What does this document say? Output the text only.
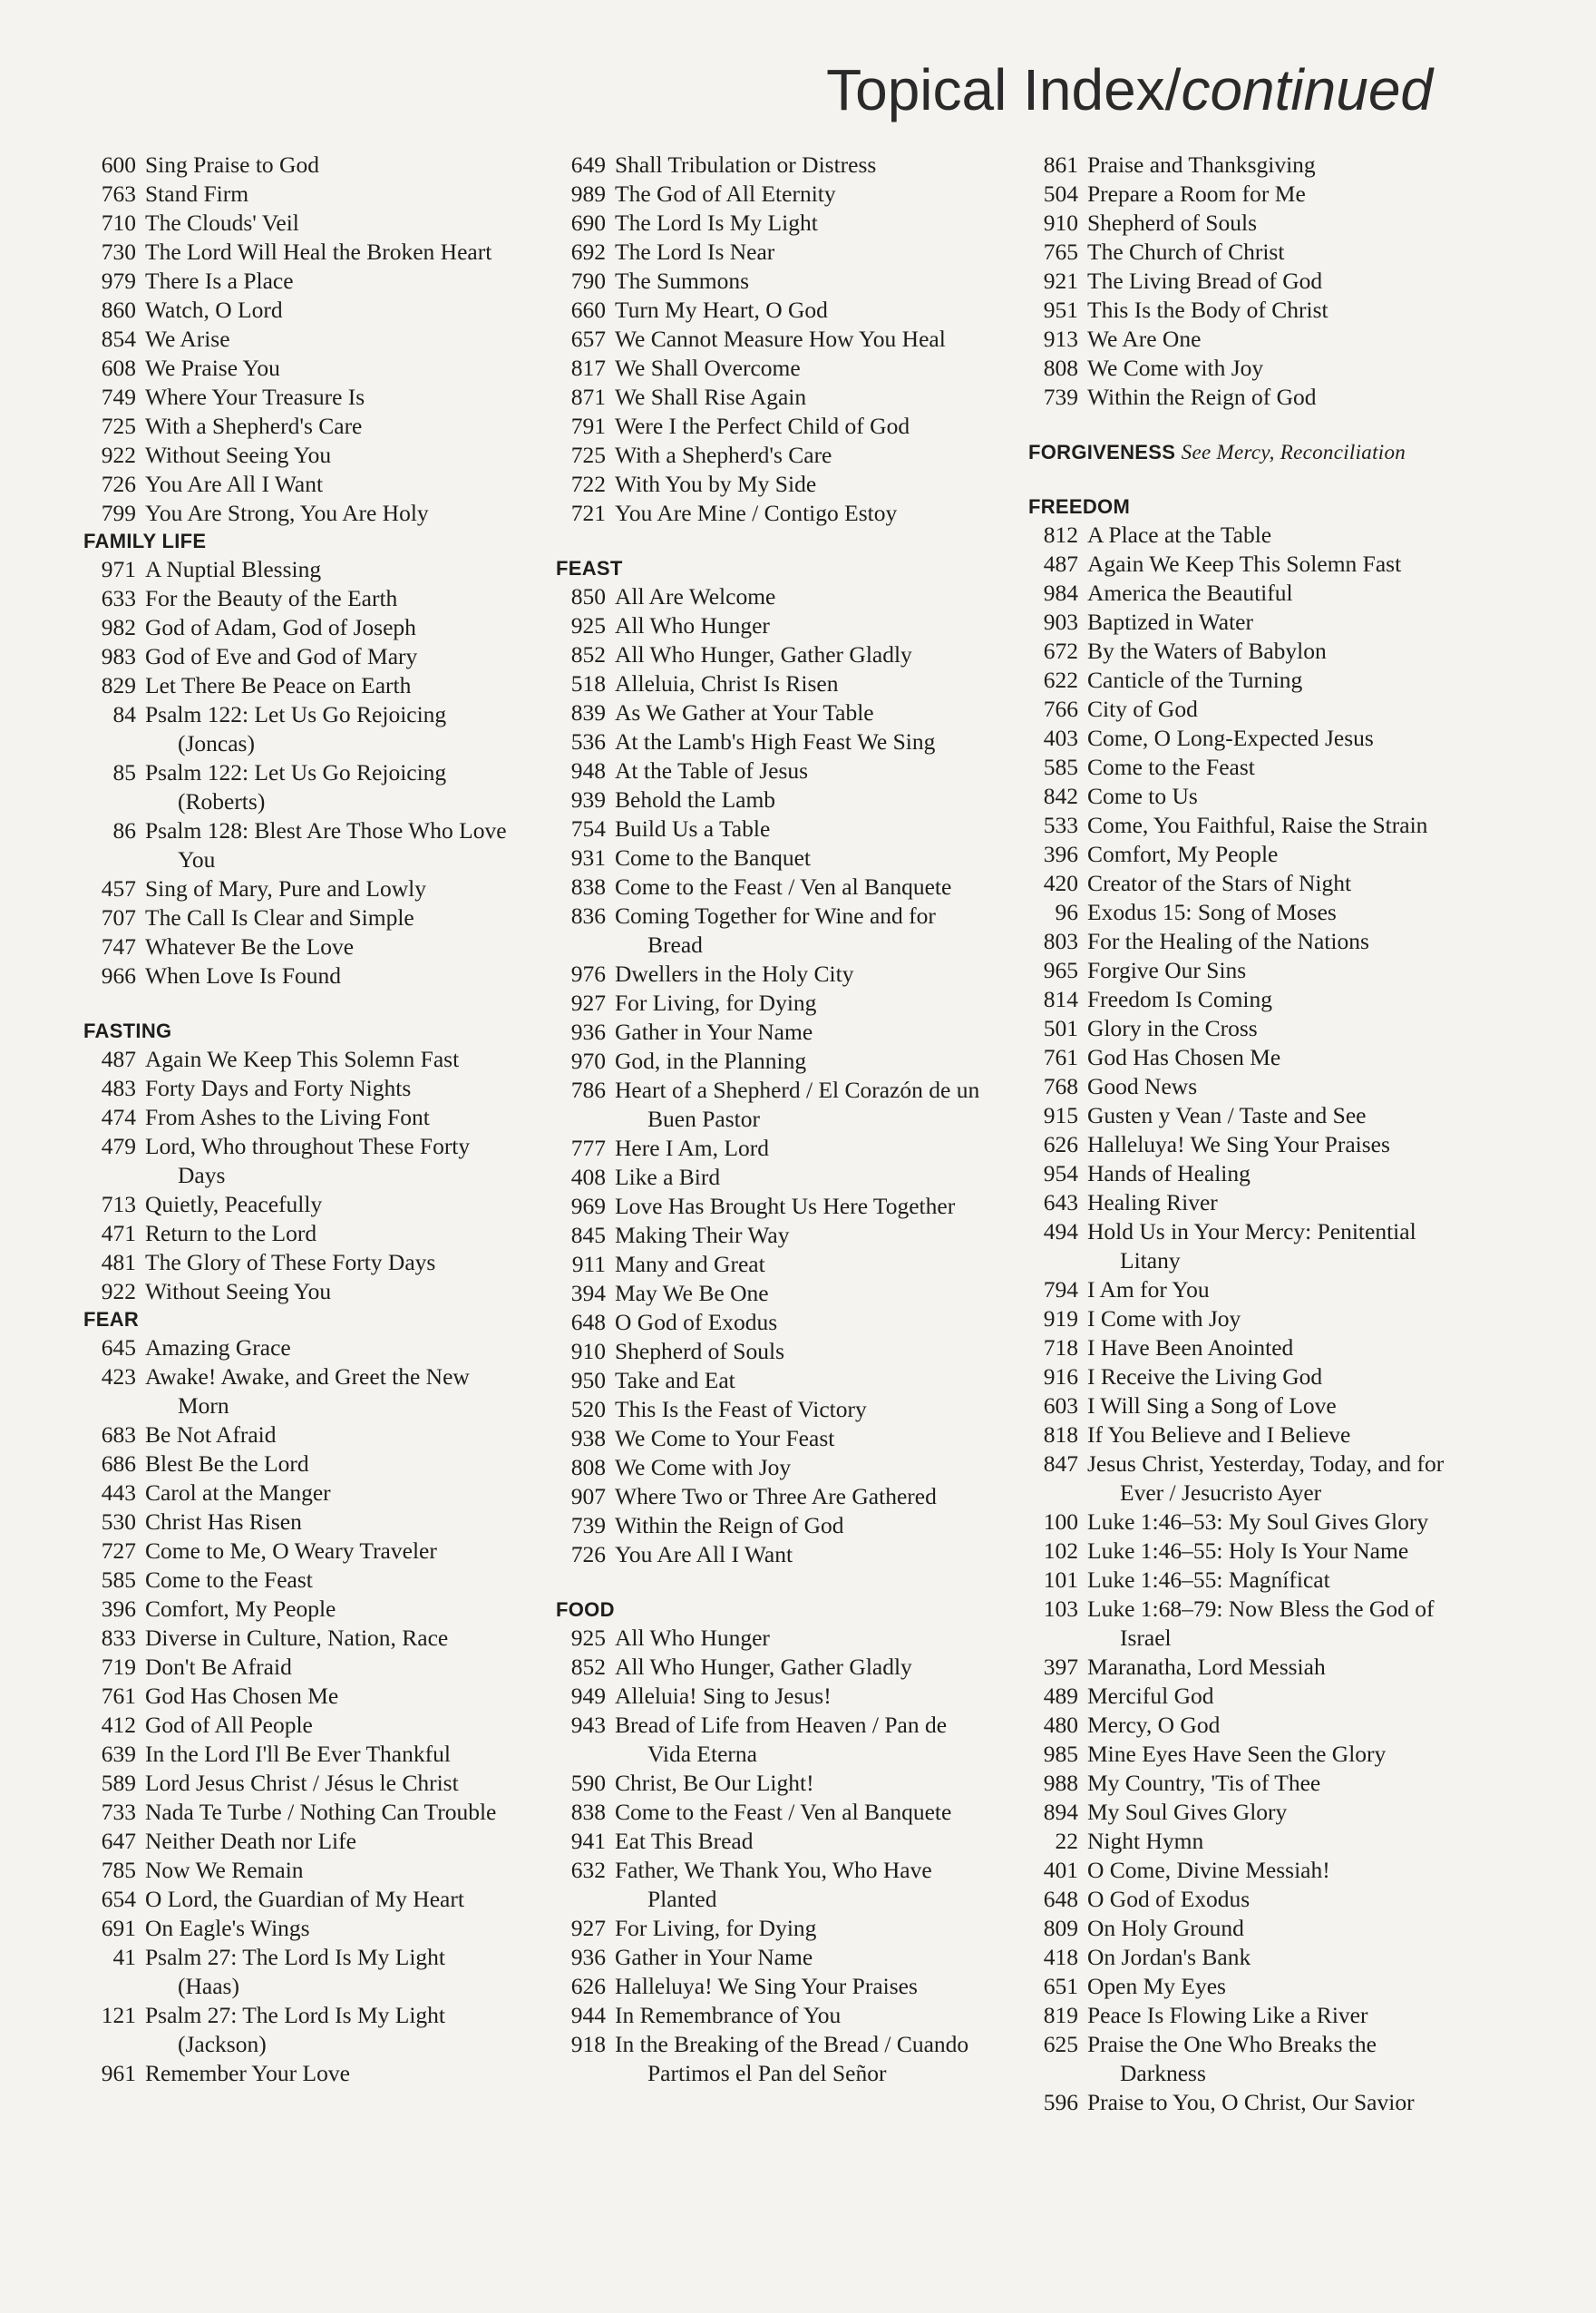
Topical Index/continued
600 Sing Praise to God
763 Stand Firm
710 The Clouds' Veil
730 The Lord Will Heal the Broken Heart
979 There Is a Place
860 Watch, O Lord
854 We Arise
608 We Praise You
749 Where Your Treasure Is
725 With a Shepherd's Care
922 Without Seeing You
726 You Are All I Want
799 You Are Strong, You Are Holy
FAMILY LIFE
971 A Nuptial Blessing
633 For the Beauty of the Earth
982 God of Adam, God of Joseph
983 God of Eve and God of Mary
829 Let There Be Peace on Earth
84 Psalm 122: Let Us Go Rejoicing (Joncas)
85 Psalm 122: Let Us Go Rejoicing (Roberts)
86 Psalm 128: Blest Are Those Who Love You
457 Sing of Mary, Pure and Lowly
707 The Call Is Clear and Simple
747 Whatever Be the Love
966 When Love Is Found
FASTING
487 Again We Keep This Solemn Fast
483 Forty Days and Forty Nights
474 From Ashes to the Living Font
479 Lord, Who throughout These Forty Days
713 Quietly, Peacefully
471 Return to the Lord
481 The Glory of These Forty Days
922 Without Seeing You
FEAR
645 Amazing Grace
423 Awake! Awake, and Greet the New Morn
683 Be Not Afraid
686 Blest Be the Lord
443 Carol at the Manger
530 Christ Has Risen
727 Come to Me, O Weary Traveler
585 Come to the Feast
396 Comfort, My People
833 Diverse in Culture, Nation, Race
719 Don't Be Afraid
761 God Has Chosen Me
412 God of All People
639 In the Lord I'll Be Ever Thankful
589 Lord Jesus Christ / Jésus le Christ
733 Nada Te Turbe / Nothing Can Trouble
647 Neither Death nor Life
785 Now We Remain
654 O Lord, the Guardian of My Heart
691 On Eagle's Wings
41 Psalm 27: The Lord Is My Light (Haas)
121 Psalm 27: The Lord Is My Light (Jackson)
961 Remember Your Love
649 Shall Tribulation or Distress
989 The God of All Eternity
690 The Lord Is My Light
692 The Lord Is Near
790 The Summons
660 Turn My Heart, O God
657 We Cannot Measure How You Heal
817 We Shall Overcome
871 We Shall Rise Again
791 Were I the Perfect Child of God
725 With a Shepherd's Care
722 With You by My Side
721 You Are Mine / Contigo Estoy
FEAST
850 All Are Welcome
925 All Who Hunger
852 All Who Hunger, Gather Gladly
518 Alleluia, Christ Is Risen
839 As We Gather at Your Table
536 At the Lamb's High Feast We Sing
948 At the Table of Jesus
939 Behold the Lamb
754 Build Us a Table
931 Come to the Banquet
838 Come to the Feast / Ven al Banquete
836 Coming Together for Wine and for Bread
976 Dwellers in the Holy City
927 For Living, for Dying
936 Gather in Your Name
970 God, in the Planning
786 Heart of a Shepherd / El Corazón de un Buen Pastor
777 Here I Am, Lord
408 Like a Bird
969 Love Has Brought Us Here Together
845 Making Their Way
911 Many and Great
394 May We Be One
648 O God of Exodus
910 Shepherd of Souls
950 Take and Eat
520 This Is the Feast of Victory
938 We Come to Your Feast
808 We Come with Joy
907 Where Two or Three Are Gathered
739 Within the Reign of God
726 You Are All I Want
FOOD
925 All Who Hunger
852 All Who Hunger, Gather Gladly
949 Alleluia! Sing to Jesus!
943 Bread of Life from Heaven / Pan de Vida Eterna
590 Christ, Be Our Light!
838 Come to the Feast / Ven al Banquete
941 Eat This Bread
632 Father, We Thank You, Who Have Planted
927 For Living, for Dying
936 Gather in Your Name
626 Halleluya! We Sing Your Praises
944 In Remembrance of You
918 In the Breaking of the Bread / Cuando Partimos el Pan del Señor
861 Praise and Thanksgiving
504 Prepare a Room for Me
910 Shepherd of Souls
765 The Church of Christ
921 The Living Bread of God
951 This Is the Body of Christ
913 We Are One
808 We Come with Joy
739 Within the Reign of God
FORGIVENESS See Mercy, Reconciliation
FREEDOM
812 A Place at the Table
487 Again We Keep This Solemn Fast
984 America the Beautiful
903 Baptized in Water
672 By the Waters of Babylon
622 Canticle of the Turning
766 City of God
403 Come, O Long-Expected Jesus
585 Come to the Feast
842 Come to Us
533 Come, You Faithful, Raise the Strain
396 Comfort, My People
420 Creator of the Stars of Night
96 Exodus 15: Song of Moses
803 For the Healing of the Nations
965 Forgive Our Sins
814 Freedom Is Coming
501 Glory in the Cross
761 God Has Chosen Me
768 Good News
915 Gusten y Vean / Taste and See
626 Halleluya! We Sing Your Praises
954 Hands of Healing
643 Healing River
494 Hold Us in Your Mercy: Penitential Litany
794 I Am for You
919 I Come with Joy
718 I Have Been Anointed
916 I Receive the Living God
603 I Will Sing a Song of Love
818 If You Believe and I Believe
847 Jesus Christ, Yesterday, Today, and for Ever / Jesucristo Ayer
100 Luke 1:46–53: My Soul Gives Glory
102 Luke 1:46–55: Holy Is Your Name
101 Luke 1:46–55: Magníficat
103 Luke 1:68–79: Now Bless the God of Israel
397 Maranatha, Lord Messiah
489 Merciful God
480 Mercy, O God
985 Mine Eyes Have Seen the Glory
988 My Country, 'Tis of Thee
894 My Soul Gives Glory
22 Night Hymn
401 O Come, Divine Messiah!
648 O God of Exodus
809 On Holy Ground
418 On Jordan's Bank
651 Open My Eyes
819 Peace Is Flowing Like a River
625 Praise the One Who Breaks the Darkness
596 Praise to You, O Christ, Our Savior
